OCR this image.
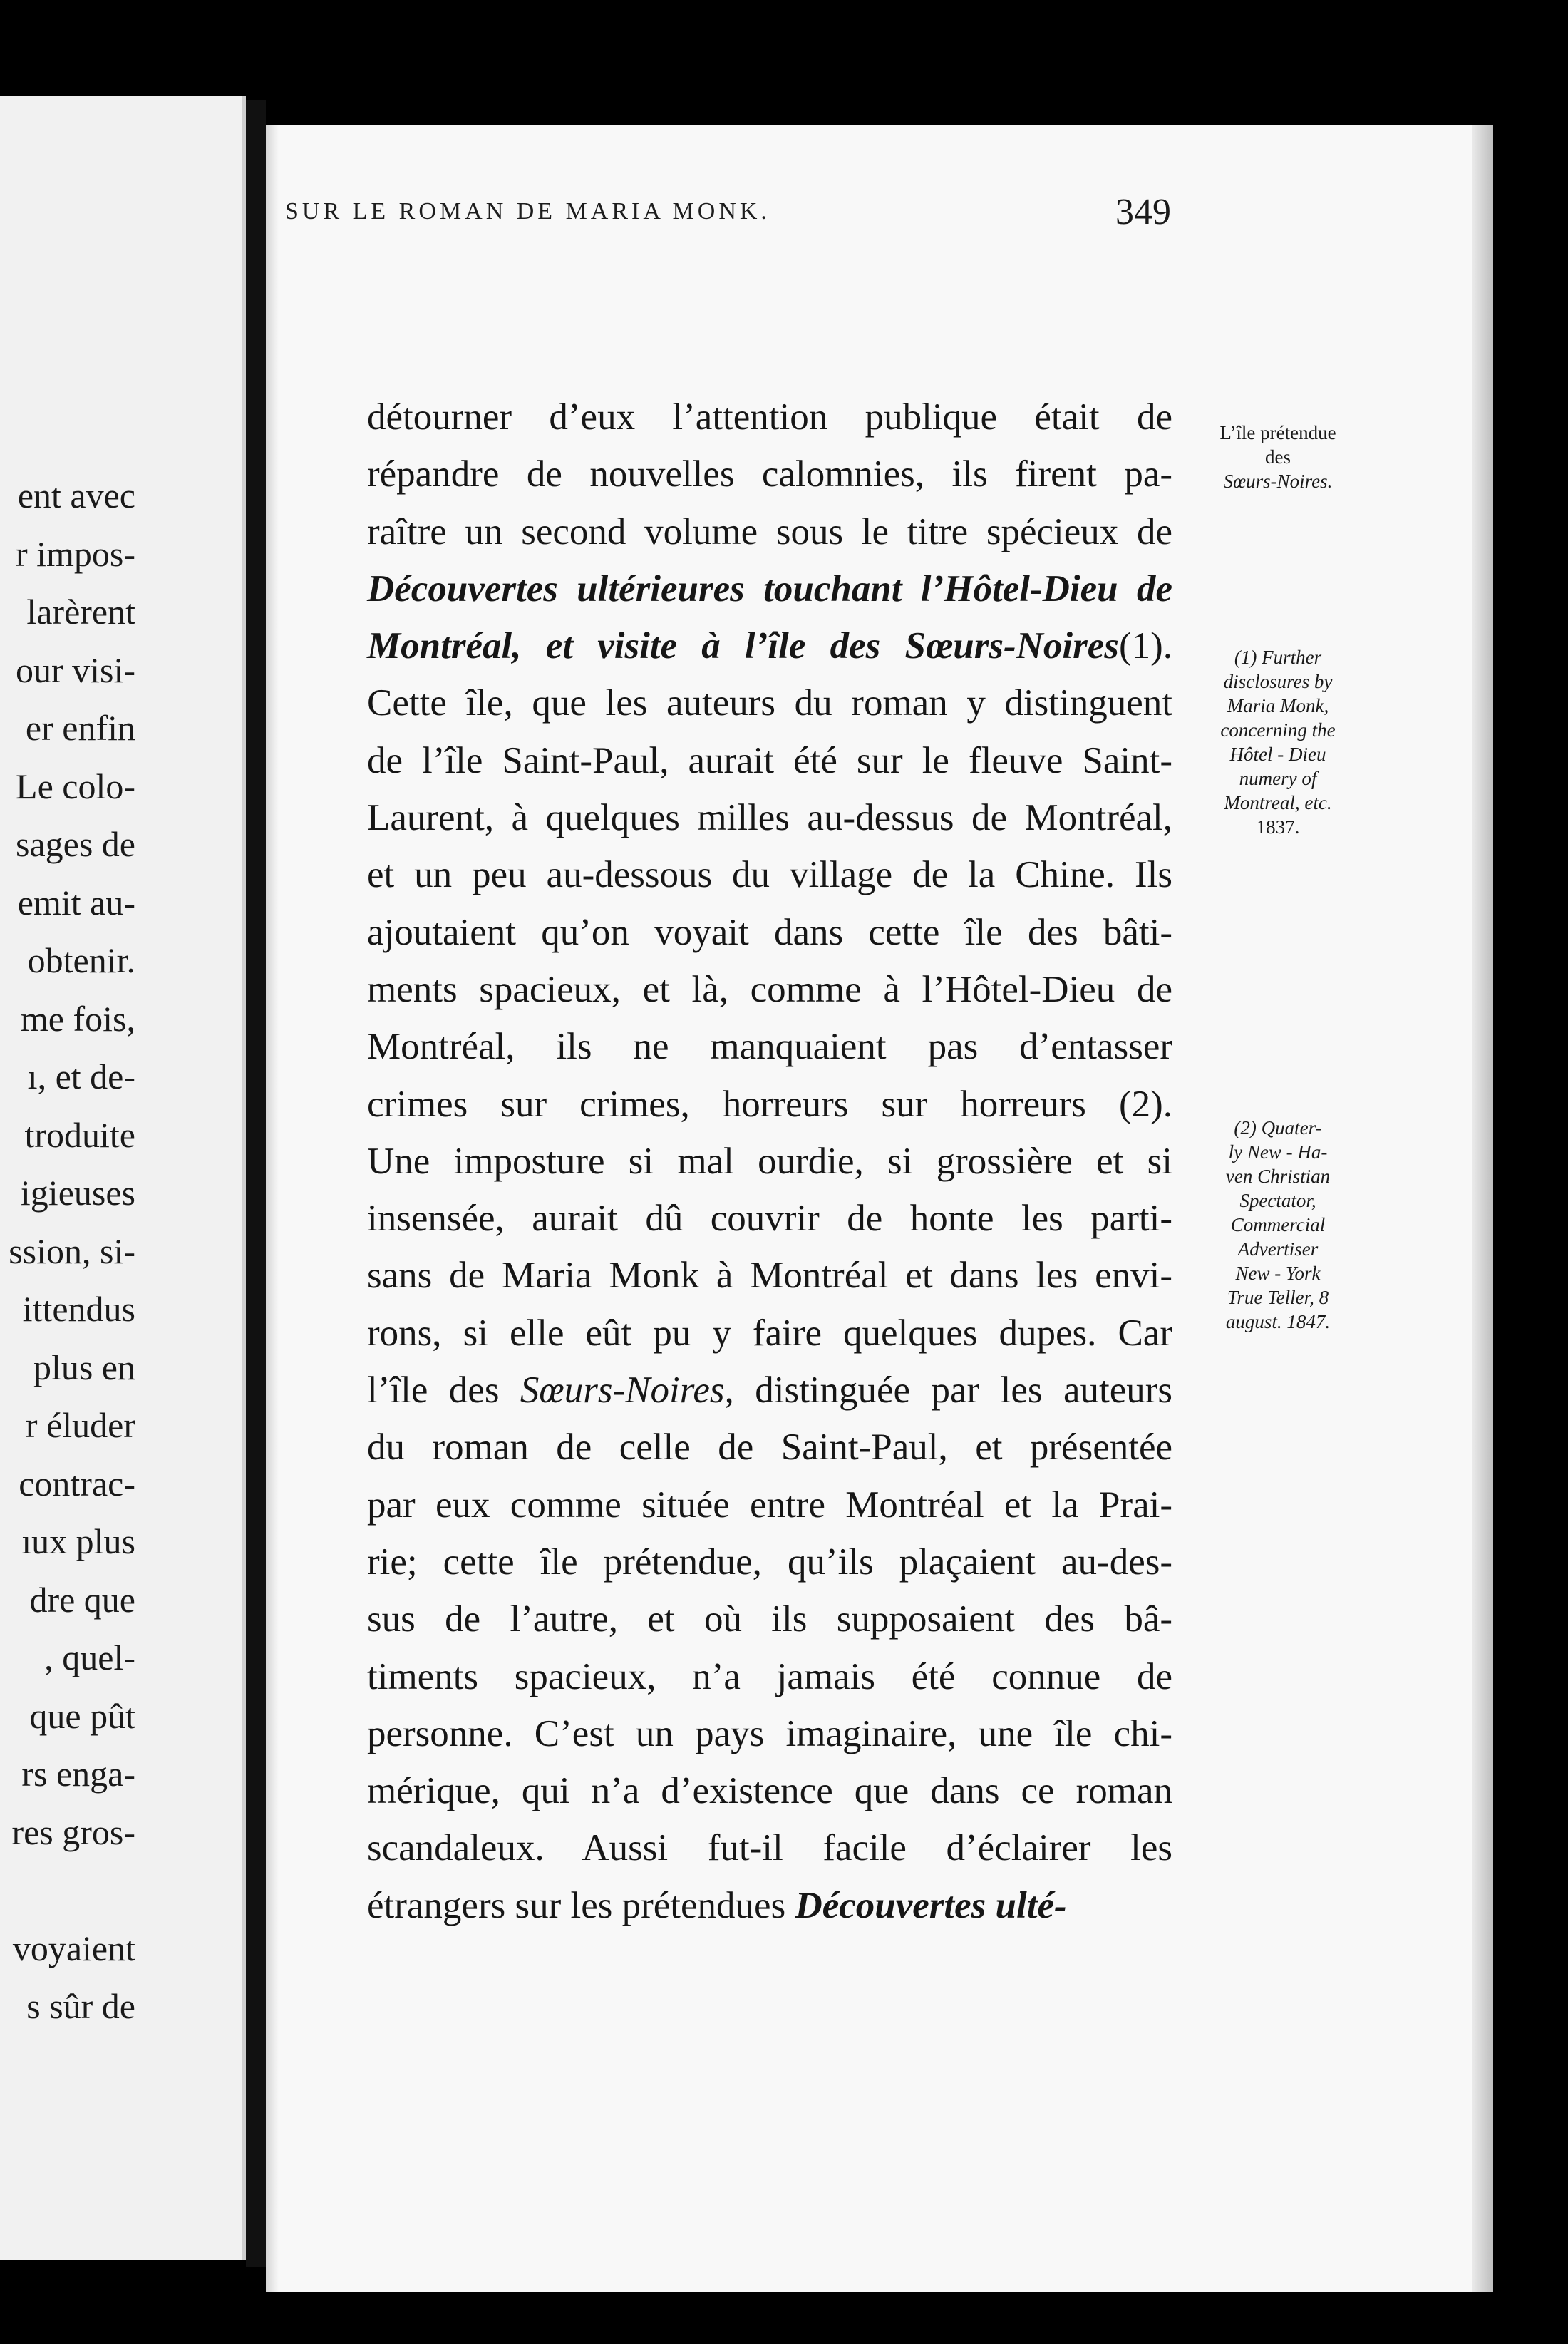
ent avec
r impos-
larèrent
our visi-
er enfin
Le colo-
sages de
emit au-
obtenir.
me fois,
ı, et de-
troduite
igieuses
ssion, si-
ittendus
plus en
r éluder
contrac-
ıux plus
dre que
, quel-
que pût
rs enga-
res gros-
voyaient
s sûr de
SUR LE ROMAN DE MARIA MONK.	349
détourner d’eux l’attention publique était de
répandre de nouvelles calomnies, ils firent pa-
raître un second volume sous le titre spécieux de
Découvertes ultérieures touchant l’Hôtel-Dieu de
Montréal, et visite à l’île des Sœurs-Noires(1).
Cette île, que les auteurs du roman y distinguent
de l’île Saint-Paul, aurait été sur le fleuve Saint-
Laurent, à quelques milles au-dessus de Montréal,
et un peu au-dessous du village de la Chine. Ils
ajoutaient qu’on voyait dans cette île des bâti-
ments spacieux, et là, comme à l’Hôtel-Dieu de
Montréal, ils ne manquaient pas d’entasser
crimes sur crimes, horreurs sur horreurs (2).
Une imposture si mal ourdie, si grossière et si
insensée, aurait dû couvrir de honte les parti-
sans de Maria Monk à Montréal et dans les envi-
rons, si elle eût pu y faire quelques dupes. Car
l’île des Sœurs-Noires, distinguée par les auteurs
du roman de celle de Saint-Paul, et présentée
par eux comme située entre Montréal et la Prai-
rie; cette île prétendue, qu’ils plaçaient au-des-
sus de l’autre, et où ils supposaient des bâ-
timents spacieux, n’a jamais été connue de
personne. C’est un pays imaginaire, une île chi-
mérique, qui n’a d’existence que dans ce roman
scandaleux. Aussi fut-il facile d’éclairer les
étrangers sur les prétendues Découvertes ulté-
L’île prétendue
des
Sœurs-Noires.
(1) Further
disclosures by
Maria Monk,
concerning the
Hôtel - Dieu
numery of
Montreal, etc.
1837.
(2) Quater-
ly New - Ha-
ven Christian
Spectator,
Commercial
Advertiser
New - York
True Teller, 8
august. 1847.
